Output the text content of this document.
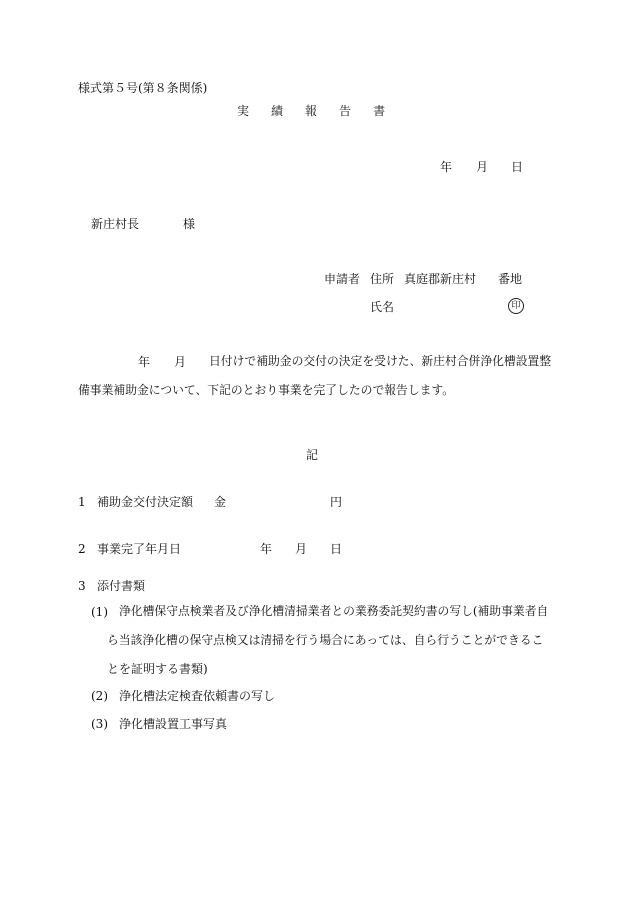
様式第５号(第８条関係)
実 績 報 告 書
年 月 日
新庄村長	様
申請者 住所 真庭郡新庄村 番地
氏名	印
年 月 日付けで補助金の交付の決定を受けた、新庄村合併浄化槽設置整
備事業補助金について、下記のとおり事業を完了したので報告します。
記
1 補助金交付決定額 金	円
2 事業完了年月日	年 月 日
3 添付書類
(1) 浄化槽保守点検業者及び浄化槽清掃業者との業務委託契約書の写し(補助事業者自
ら当該浄化槽の保守点検又は清掃を行う場合にあっては、自ら行うことができるこ
とを証明する書類)
(2) 浄化槽法定検査依頼書の写し
(3) 浄化槽設置工事写真
